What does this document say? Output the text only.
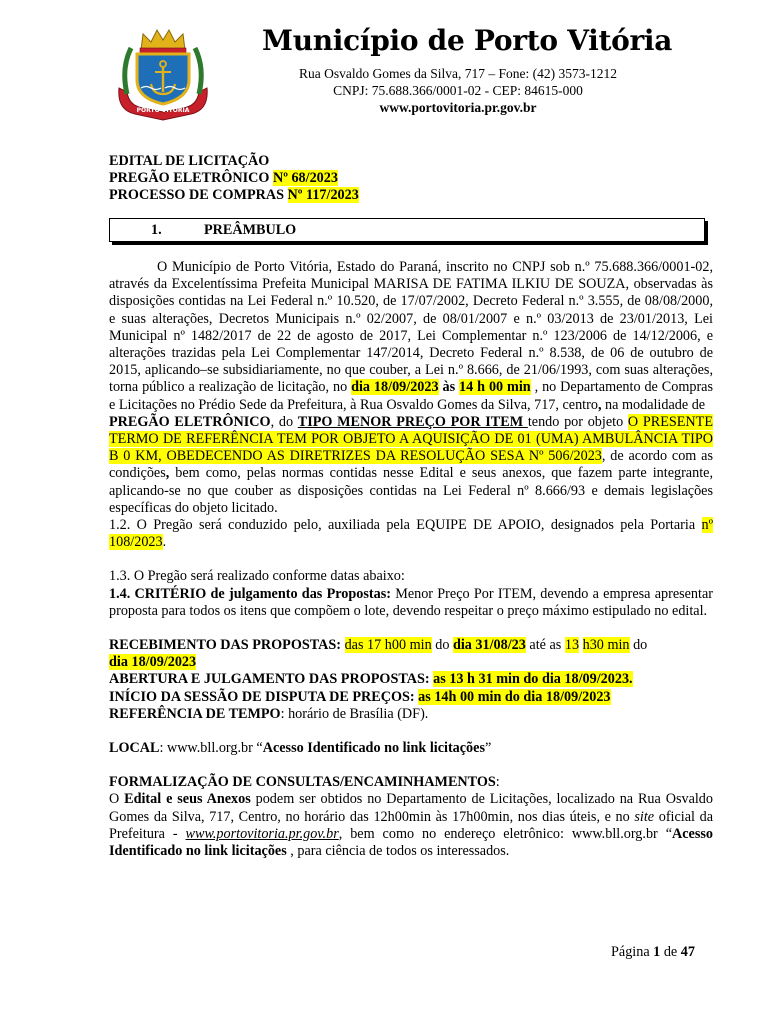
PORTO VITÓRIA
Município de Porto Vitória
Rua Osvaldo Gomes da Silva, 717 – Fone: (42) 3573-1212
CNPJ: 75.688.366/0001-02 - CEP: 84615-000
www.portovitoria.pr.gov.br
EDITAL DE LICITAÇÃO
PREGÃO ELETRÔNICO Nº 68/2023
PROCESSO DE COMPRAS Nº 117/2023
1.	PREÂMBULO

O Município de Porto Vitória, Estado do Paraná, inscrito no CNPJ sob n.º 75.688.366/0001-02, através da Excelentíssima Prefeita Municipal MARISA DE FATIMA ILKIU DE SOUZA, observadas às disposições contidas na Lei Federal n.º 10.520, de 17/07/2002, Decreto Federal n.º 3.555, de 08/08/2000, e suas alterações, Decretos Municipais n.º 02/2007, de 08/01/2007 e n.º 03/2013 de 23/01/2013, Lei Municipal nº 1482/2017 de 22 de agosto de 2017, Lei Complementar n.º 123/2006 de 14/12/2006, e alterações trazidas pela Lei Complementar 147/2014, Decreto Federal n.º 8.538, de 06 de outubro de 2015, aplicando–se subsidiariamente, no que couber, a Lei n.º 8.666, de 21/06/1993, com suas alterações, torna público a realização de licitação, no dia 18/09/2023 às 14 h 00 min , no Departamento de Compras e Licitações no Prédio Sede da Prefeitura, à Rua Osvaldo Gomes da Silva, 717, centro, na modalidade de
PREGÃO ELETRÔNICO, do TIPO MENOR PREÇO POR ITEM tendo por objeto O PRESENTE TERMO DE REFERÊNCIA TEM POR OBJETO A AQUISIÇÃO DE 01 (UMA) AMBULÂNCIA TIPO B 0 KM, OBEDECENDO AS DIRETRIZES DA RESOLUÇÃO SESA Nº 506/2023, de acordo com as condições, bem como, pelas normas contidas nesse Edital e seus anexos, que fazem parte integrante, aplicando-se no que couber as disposições contidas na Lei Federal nº 8.666/93 e demais legislações específicas do objeto licitado.

1.2. O Pregão será conduzido pelo, auxiliada pela EQUIPE DE APOIO, designados pela Portaria nº 108/2023.

1.3. O Pregão será realizado conforme datas abaixo:

1.4. CRITÉRIO de julgamento das Propostas: Menor Preço Por ITEM, devendo a empresa apresentar proposta para todos os itens que compõem o lote, devendo respeitar o preço máximo estipulado no edital.

RECEBIMENTO DAS PROPOSTAS: das 17 h00 min do dia 31/08/23 até as 13 h30 min do
dia 18/09/2023

ABERTURA E JULGAMENTO DAS PROPOSTAS: as 13 h 31 min do dia 18/09/2023.

INÍCIO DA SESSÃO DE DISPUTA DE PREÇOS: as 14h 00 min do dia 18/09/2023

REFERÊNCIA DE TEMPO: horário de Brasília (DF).

LOCAL: www.bll.org.br “Acesso Identificado no link licitações”

FORMALIZAÇÃO DE CONSULTAS/ENCAMINHAMENTOS:

O Edital e seus Anexos podem ser obtidos no Departamento de Licitações, localizado na Rua Osvaldo Gomes da Silva, 717, Centro, no horário das 12h00min às 17h00min, nos dias úteis, e no site oficial da Prefeitura - www.portovitoria.pr.gov.br, bem como no endereço eletrônico: www.bll.org.br “Acesso Identificado no link licitações , para ciência de todos os interessados.

Página 1 de 47
